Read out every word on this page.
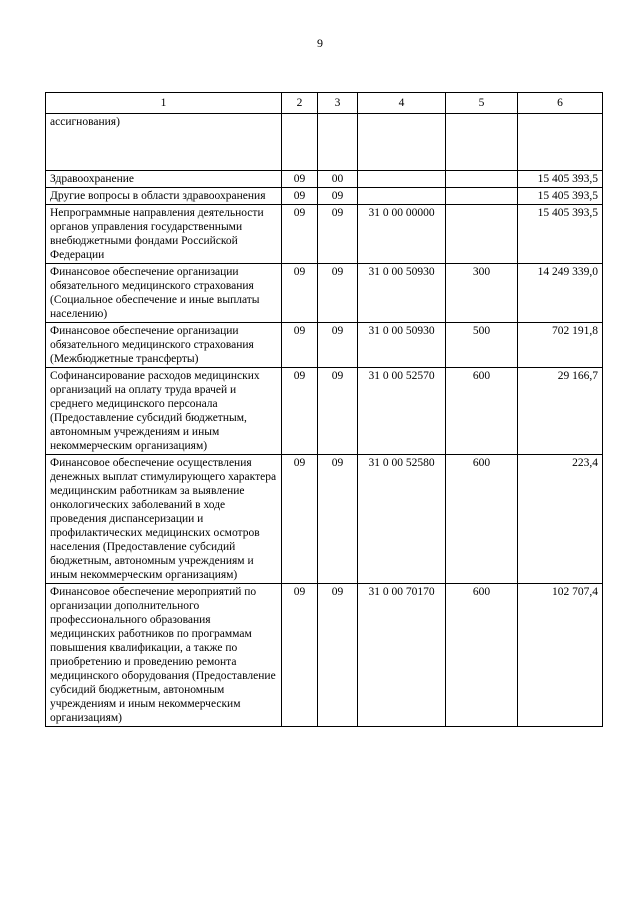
9
1	2	3	4	5	6
ассигнования)					
Здравоохранение	09	00			15 405 393,5
Другие вопросы в области здравоохранения	09	09			15 405 393,5
Непрограммные направления деятельности органов управления государственными внебюджетными фондами Российской Федерации	09	09	31 0 00 00000		15 405 393,5
Финансовое обеспечение организации обязательного медицинского страхования (Социальное обеспечение и иные выплаты населению)	09	09	31 0 00 50930	300	14 249 339,0
Финансовое обеспечение организации обязательного медицинского страхования (Межбюджетные трансферты)	09	09	31 0 00 50930	500	702 191,8
Софинансирование расходов медицинских организаций на оплату труда врачей и среднего медицинского персонала (Предоставление субсидий бюджетным, автономным учреждениям и иным некоммерческим организациям)	09	09	31 0 00 52570	600	29 166,7
Финансовое обеспечение осуществления денежных выплат стимулирующего характера медицинским работникам за выявление онкологических заболеваний в ходе проведения диспансеризации и профилактических медицинских осмотров населения (Предоставление субсидий бюджетным, автономным учреждениям и иным некоммерческим организациям)	09	09	31 0 00 52580	600	223,4
Финансовое обеспечение мероприятий по организации дополнительного профессионального образования медицинских работников по программам повышения квалификации, а также по приобретению и проведению ремонта медицинского оборудования (Предоставление субсидий бюджетным, автономным учреждениям и иным некоммерческим организациям)	09	09	31 0 00 70170	600	102 707,4
